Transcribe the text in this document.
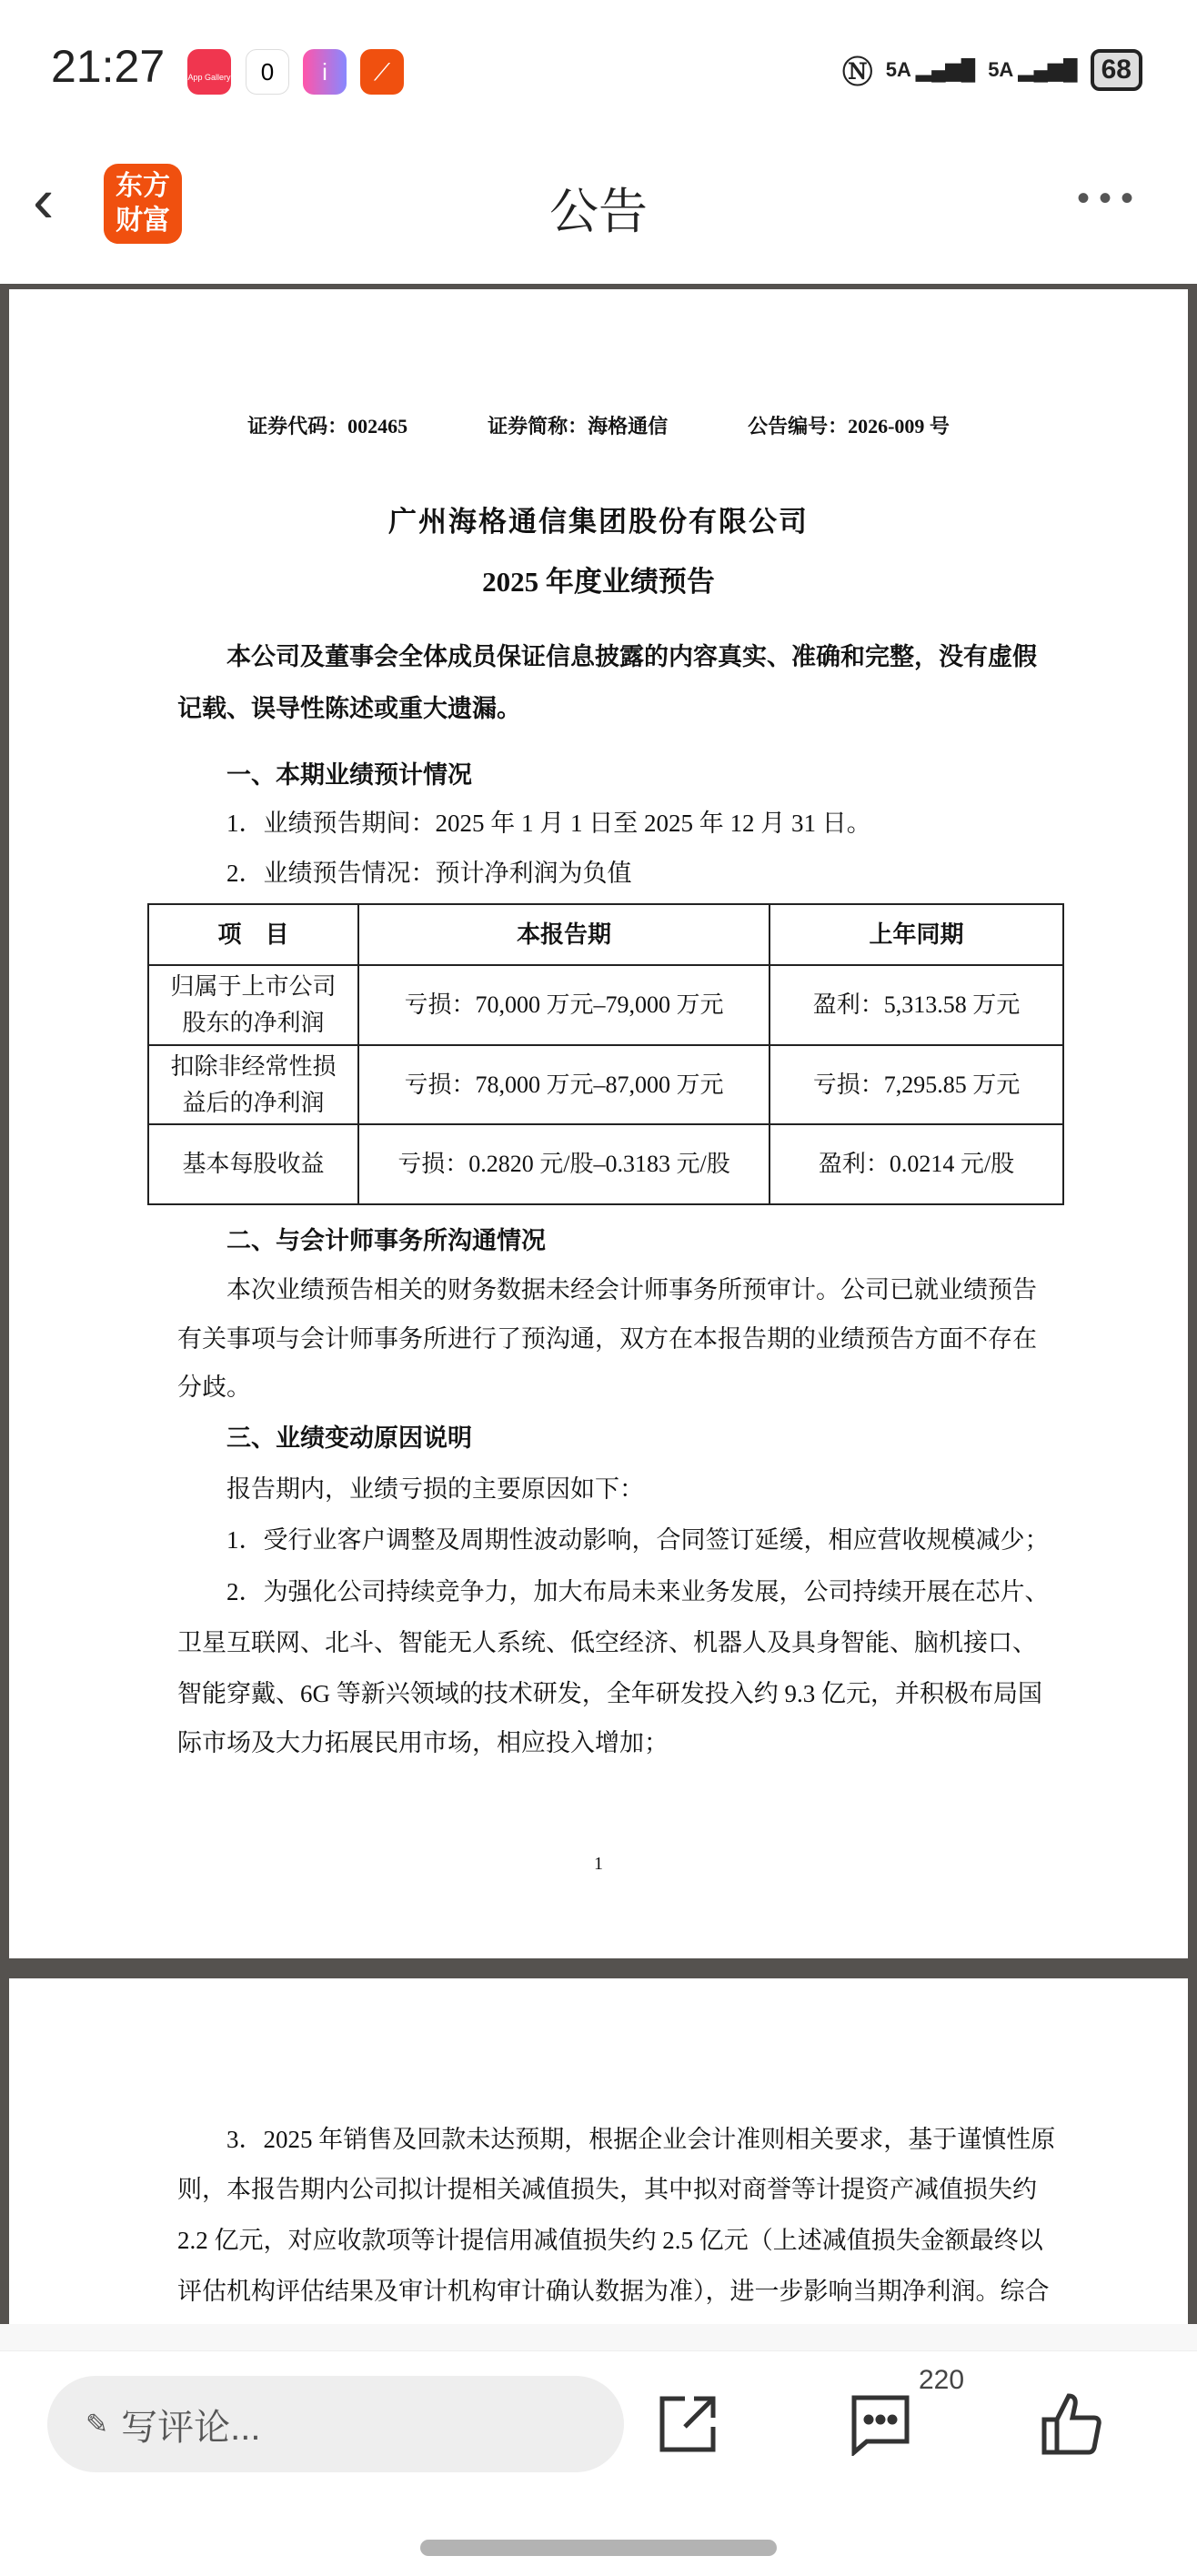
21:27	App Gallery	0	i	⟋	Ⓝ 5A ▂▄▆█ 5A ▂▄▆█ 68
‹	东方
财富	公告	•••
证券代码：002465　　　　证券简称：海格通信　　　　公告编号：2026-009 号
广州海格通信集团股份有限公司
2025 年度业绩预告
本公司及董事会全体成员保证信息披露的内容真实、准确和完整，没有虚假
记载、误导性陈述或重大遗漏。
一、本期业绩预计情况
1．业绩预告期间：2025 年 1 月 1 日至 2025 年 12 月 31 日。
2．业绩预告情况：预计净利润为负值
项　目	本报告期	上年同期

归属于上市公司
股东的净利润	亏损：70,000 万元–79,000 万元	盈利：5,313.58 万元

扣除非经常性损
益后的净利润	亏损：78,000 万元–87,000 万元	亏损：7,295.85 万元
基本每股收益	亏损：0.2820 元/股–0.3183 元/股	盈利：0.0214 元/股
二、与会计师事务所沟通情况
本次业绩预告相关的财务数据未经会计师事务所预审计。公司已就业绩预告
有关事项与会计师事务所进行了预沟通，双方在本报告期的业绩预告方面不存在
分歧。
三、业绩变动原因说明
报告期内，业绩亏损的主要原因如下：
1．受行业客户调整及周期性波动影响，合同签订延缓，相应营收规模减少；
2．为强化公司持续竞争力，加大布局未来业务发展，公司持续开展在芯片、
卫星互联网、北斗、智能无人系统、低空经济、机器人及具身智能、脑机接口、
智能穿戴、6G 等新兴领域的技术研发，全年研发投入约 9.3 亿元，并积极布局国
际市场及大力拓展民用市场，相应投入增加；
1
3．2025 年销售及回款未达预期，根据企业会计准则相关要求，基于谨慎性原
则，本报告期内公司拟计提相关减值损失，其中拟对商誉等计提资产减值损失约
2.2 亿元，对应收款项等计提信用减值损失约 2.5 亿元（上述减值损失金额最终以
评估机构评估结果及审计机构审计确认数据为准），进一步影响当期净利润。综合
✎ 写评论...
220
